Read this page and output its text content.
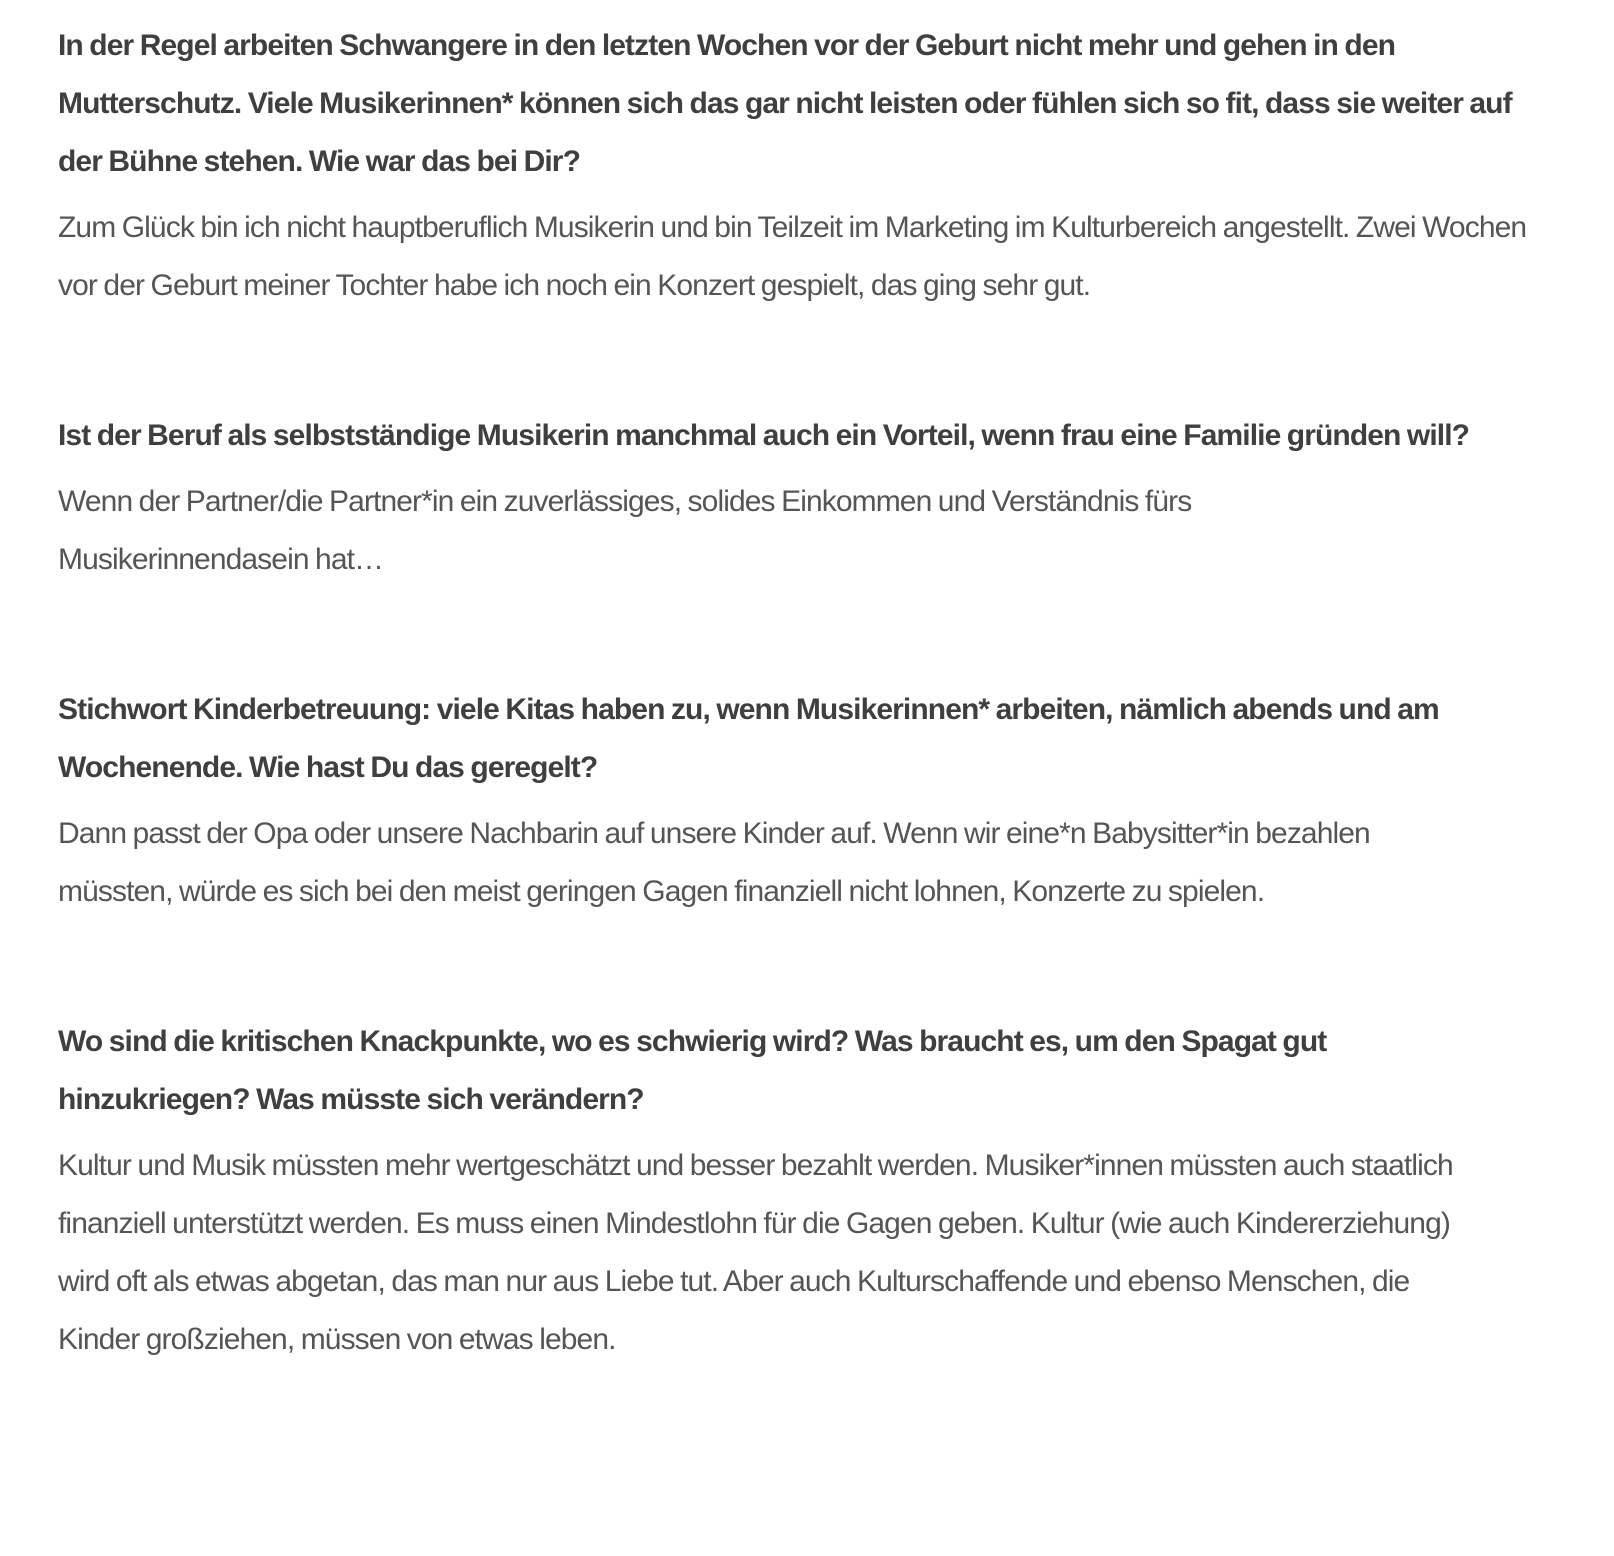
In der Regel arbeiten Schwangere in den letzten Wochen vor der Geburt nicht mehr und gehen in den Mutterschutz. Viele Musikerinnen* können sich das gar nicht leisten oder fühlen sich so fit, dass sie weiter auf der Bühne stehen. Wie war das bei Dir?

Zum Glück bin ich nicht hauptberuflich Musikerin und bin Teilzeit im Marketing im Kulturbereich angestellt. Zwei Wochen vor der Geburt meiner Tochter habe ich noch ein Konzert gespielt, das ging sehr gut.

Ist der Beruf als selbstständige Musikerin manchmal auch ein Vorteil, wenn frau eine Familie gründen will?

Wenn der Partner/die Partner*in ein zuverlässiges, solides Einkommen und Verständnis fürs Musikerinnendasein hat…

Stichwort Kinderbetreuung: viele Kitas haben zu, wenn Musikerinnen* arbeiten, nämlich abends und am Wochenende. Wie hast Du das geregelt?

Dann passt der Opa oder unsere Nachbarin auf unsere Kinder auf. Wenn wir eine*n Babysitter*in bezahlen müssten, würde es sich bei den meist geringen Gagen finanziell nicht lohnen, Konzerte zu spielen.

Wo sind die kritischen Knackpunkte, wo es schwierig wird? Was braucht es, um den Spagat gut hinzukriegen? Was müsste sich verändern?

Kultur und Musik müssten mehr wertgeschätzt und besser bezahlt werden. Musiker*innen müssten auch staatlich finanziell unterstützt werden. Es muss einen Mindestlohn für die Gagen geben. Kultur (wie auch Kindererziehung) wird oft als etwas abgetan, das man nur aus Liebe tut. Aber auch Kulturschaffende und ebenso Menschen, die Kinder großziehen, müssen von etwas leben.
